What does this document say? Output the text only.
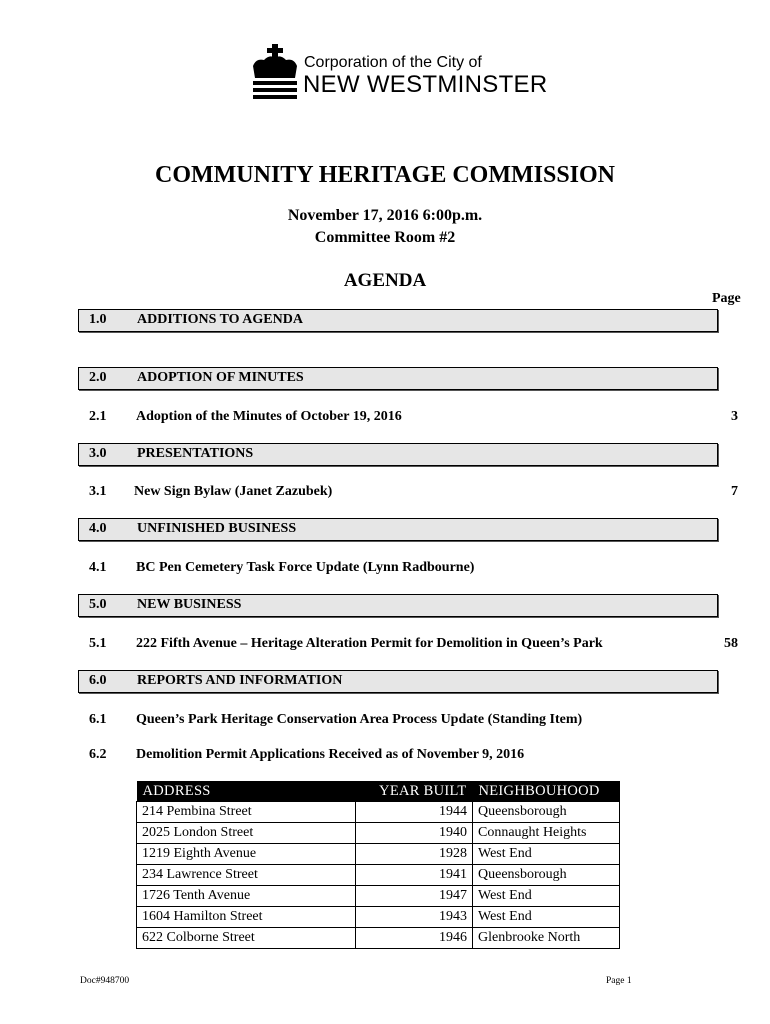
Corporation of the City of
NEW WESTMINSTER
COMMUNITY HERITAGE COMMISSION
November 17, 2016 6:00p.m.
Committee Room #2
AGENDA
Page
1.0 ADDITIONS TO AGENDA
2.0 ADOPTION OF MINUTES
3.0 PRESENTATIONS
4.0 UNFINISHED BUSINESS
5.0 NEW BUSINESS
6.0 REPORTS AND INFORMATION
2.1 Adoption of the Minutes of October 19, 2016	3
3.1 New Sign Bylaw (Janet Zazubek)	7
4.1 BC Pen Cemetery Task Force Update (Lynn Radbourne)
5.1 222 Fifth Avenue – Heritage Alteration Permit for Demolition in Queen’s Park	58
6.1 Queen’s Park Heritage Conservation Area Process Update (Standing Item)
6.2 Demolition Permit Applications Received as of November 9, 2016
ADDRESS	YEAR BUILT	NEIGHBOUHOOD
214 Pembina Street	1944	Queensborough
2025 London Street	1940	Connaught Heights
1219 Eighth Avenue	1928	West End
234 Lawrence Street	1941	Queensborough
1726 Tenth Avenue	1947	West End
1604 Hamilton Street	1943	West End
622 Colborne Street	1946	Glenbrooke North
Doc#948700	Page 1
